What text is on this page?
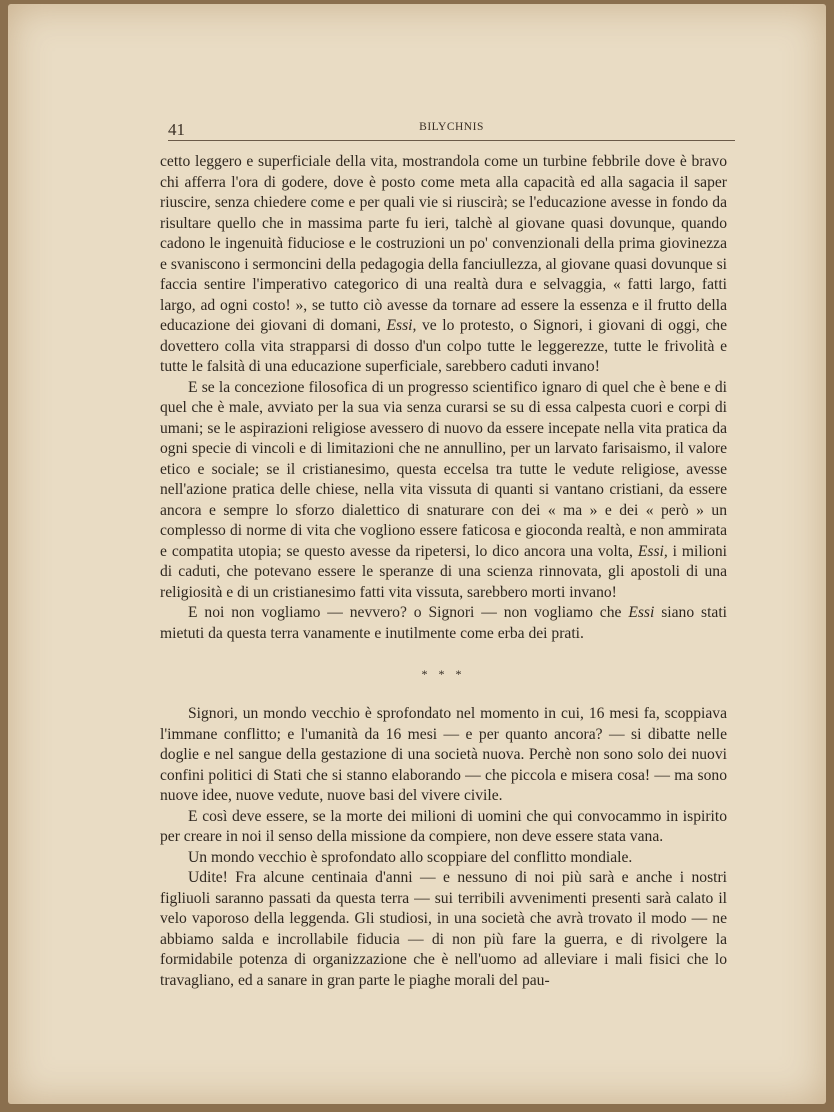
41	BILYCHNIS

cetto leggero e superficiale della vita, mostrandola come un turbine febbrile dove è bravo chi afferra l'ora di godere, dove è posto come meta alla capacità ed alla sagacia il saper riuscire, senza chiedere come e per quali vie si riuscirà; se l'educazione avesse in fondo da risultare quello che in massima parte fu ieri, talchè al giovane quasi dovunque, quando cadono le ingenuità fiduciose e le costruzioni un po' convenzionali della prima giovinezza e svaniscono i sermoncini della pedagogia della fanciullezza, al giovane quasi dovunque si faccia sentire l'imperativo categorico di una realtà dura e selvaggia, « fatti largo, fatti largo, ad ogni costo! », se tutto ciò avesse da tornare ad essere la essenza e il frutto della educazione dei giovani di domani, Essi, ve lo protesto, o Signori, i giovani di oggi, che dovettero colla vita strapparsi di dosso d'un colpo tutte le leggerezze, tutte le frivolità e tutte le falsità di una educazione superficiale, sarebbero caduti invano!

E se la concezione filosofica di un progresso scientifico ignaro di quel che è bene e di quel che è male, avviato per la sua via senza curarsi se su di essa calpesta cuori e corpi di umani; se le aspirazioni religiose avessero di nuovo da essere incepate nella vita pratica da ogni specie di vincoli e di limitazioni che ne annullino, per un larvato farisaismo, il valore etico e sociale; se il cristianesimo, questa eccelsa tra tutte le vedute religiose, avesse nell'azione pratica delle chiese, nella vita vissuta di quanti si vantano cristiani, da essere ancora e sempre lo sforzo dialettico di snaturare con dei « ma » e dei « però » un complesso di norme di vita che vogliono essere faticosa e gioconda realtà, e non ammirata e compatita utopia; se questo avesse da ripetersi, lo dico ancora una volta, Essi, i milioni di caduti, che potevano essere le speranze di una scienza rinnovata, gli apostoli di una religiosità e di un cristianesimo fatti vita vissuta, sarebbero morti invano!

E noi non vogliamo — nevvero? o Signori — non vogliamo che Essi siano stati mietuti da questa terra vanamente e inutilmente come erba dei prati.

* * *

Signori, un mondo vecchio è sprofondato nel momento in cui, 16 mesi fa, scoppiava l'immane conflitto; e l'umanità da 16 mesi — e per quanto ancora? — si dibatte nelle doglie e nel sangue della gestazione di una società nuova. Perchè non sono solo dei nuovi confini politici di Stati che si stanno elaborando — che piccola e misera cosa! — ma sono nuove idee, nuove vedute, nuove basi del vivere civile.

E così deve essere, se la morte dei milioni di uomini che qui convocammo in ispirito per creare in noi il senso della missione da compiere, non deve essere stata vana.

Un mondo vecchio è sprofondato allo scoppiare del conflitto mondiale.

Udite! Fra alcune centinaia d'anni — e nessuno di noi più sarà e anche i nostri figliuoli saranno passati da questa terra — sui terribili avvenimenti presenti sarà calato il velo vaporoso della leggenda. Gli studiosi, in una società che avrà trovato il modo — ne abbiamo salda e incrollabile fiducia — di non più fare la guerra, e di rivolgere la formidabile potenza di organizzazione che è nell'uomo ad alleviare i mali fisici che lo travagliano, ed a sanare in gran parte le piaghe morali del pau-
